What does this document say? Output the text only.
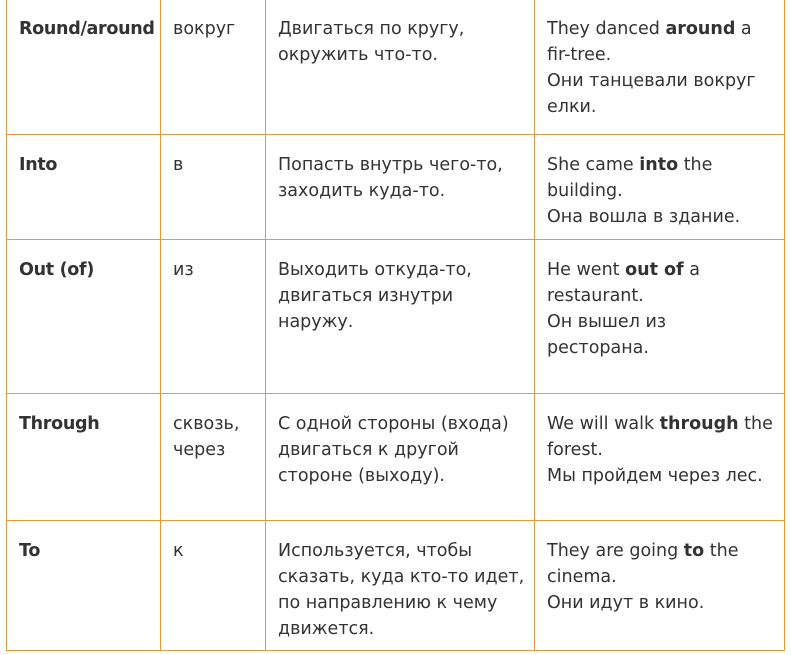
Round/around	вокруг	Двигаться по кругу,
окружить что-то.	They danced around a
fir-tree.
Они танцевали вокруг
елки.

Into	в	Попасть внутрь чего-то,
заходить куда-то.	She came into the
building.
Она вошла в здание.

Out (of)	из	Выходить откуда-то,
двигаться изнутри
наружу.	He went out of a
restaurant.
Он вышел из
ресторана.

Through	сквозь,
через	С одной стороны (входа)
двигаться к другой
стороне (выходу).	We will walk through the
forest.
Мы пройдем через лес.

To	к	Используется, чтобы
сказать, куда кто-то идет,
по направлению к чему
движется.	They are going to the
cinema.
Они идут в кино.
